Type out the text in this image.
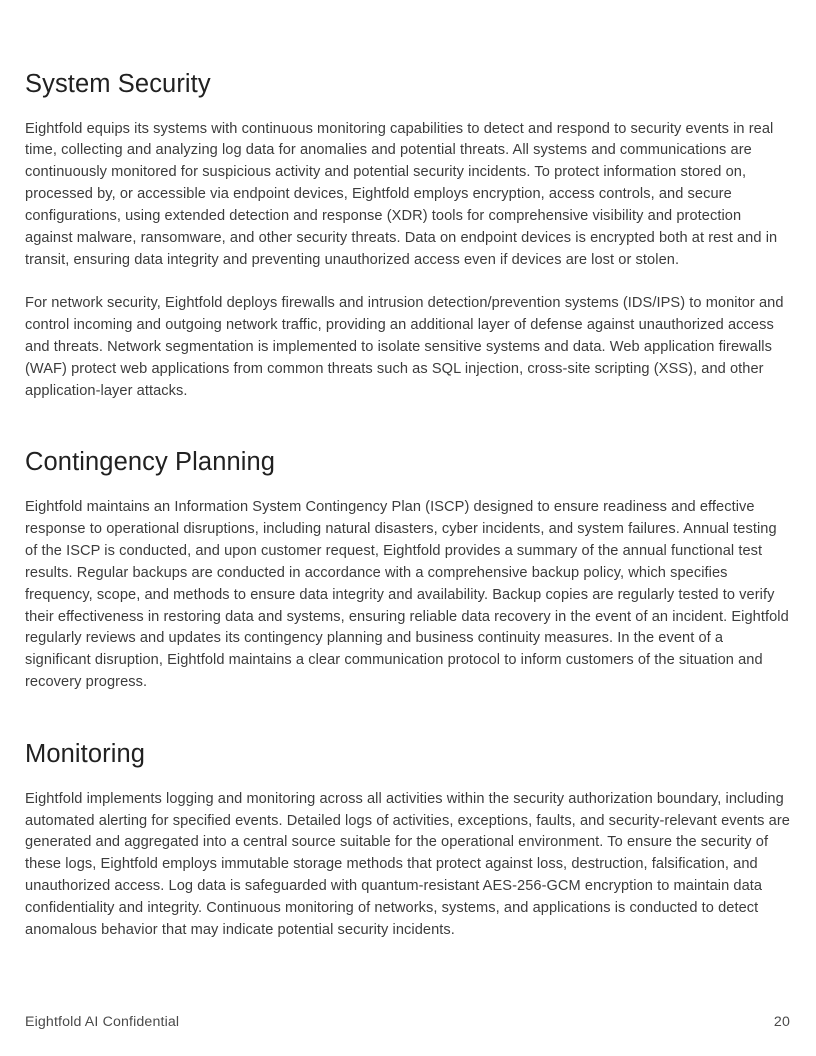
System Security

Eightfold equips its systems with continuous monitoring capabilities to detect and respond to security events in real time, collecting and analyzing log data for anomalies and potential threats. All systems and communications are continuously monitored for suspicious activity and potential security incidents. To protect information stored on, processed by, or accessible via endpoint devices, Eightfold employs encryption, access controls, and secure configurations, using extended detection and response (XDR) tools for comprehensive visibility and protection against malware, ransomware, and other security threats. Data on endpoint devices is encrypted both at rest and in transit, ensuring data integrity and preventing unauthorized access even if devices are lost or stolen.

For network security, Eightfold deploys firewalls and intrusion detection/prevention systems (IDS/IPS) to monitor and control incoming and outgoing network traffic, providing an additional layer of defense against unauthorized access and threats. Network segmentation is implemented to isolate sensitive systems and data. Web application firewalls (WAF) protect web applications from common threats such as SQL injection, cross-site scripting (XSS), and other application-layer attacks.

Contingency Planning

Eightfold maintains an Information System Contingency Plan (ISCP) designed to ensure readiness and effective response to operational disruptions, including natural disasters, cyber incidents, and system failures. Annual testing of the ISCP is conducted, and upon customer request, Eightfold provides a summary of the annual functional test results. Regular backups are conducted in accordance with a comprehensive backup policy, which specifies frequency, scope, and methods to ensure data integrity and availability. Backup copies are regularly tested to verify their effectiveness in restoring data and systems, ensuring reliable data recovery in the event of an incident. Eightfold regularly reviews and updates its contingency planning and business continuity measures. In the event of a significant disruption, Eightfold maintains a clear communication protocol to inform customers of the situation and recovery progress.

Monitoring

Eightfold implements logging and monitoring across all activities within the security authorization boundary, including automated alerting for specified events. Detailed logs of activities, exceptions, faults, and security-relevant events are generated and aggregated into a central source suitable for the operational environment. To ensure the security of these logs, Eightfold employs immutable storage methods that protect against loss, destruction, falsification, and unauthorized access. Log data is safeguarded with quantum-resistant AES-256-GCM encryption to maintain data confidentiality and integrity. Continuous monitoring of networks, systems, and applications is conducted to detect anomalous behavior that may indicate potential security incidents.

Eightfold AI Confidential	20
